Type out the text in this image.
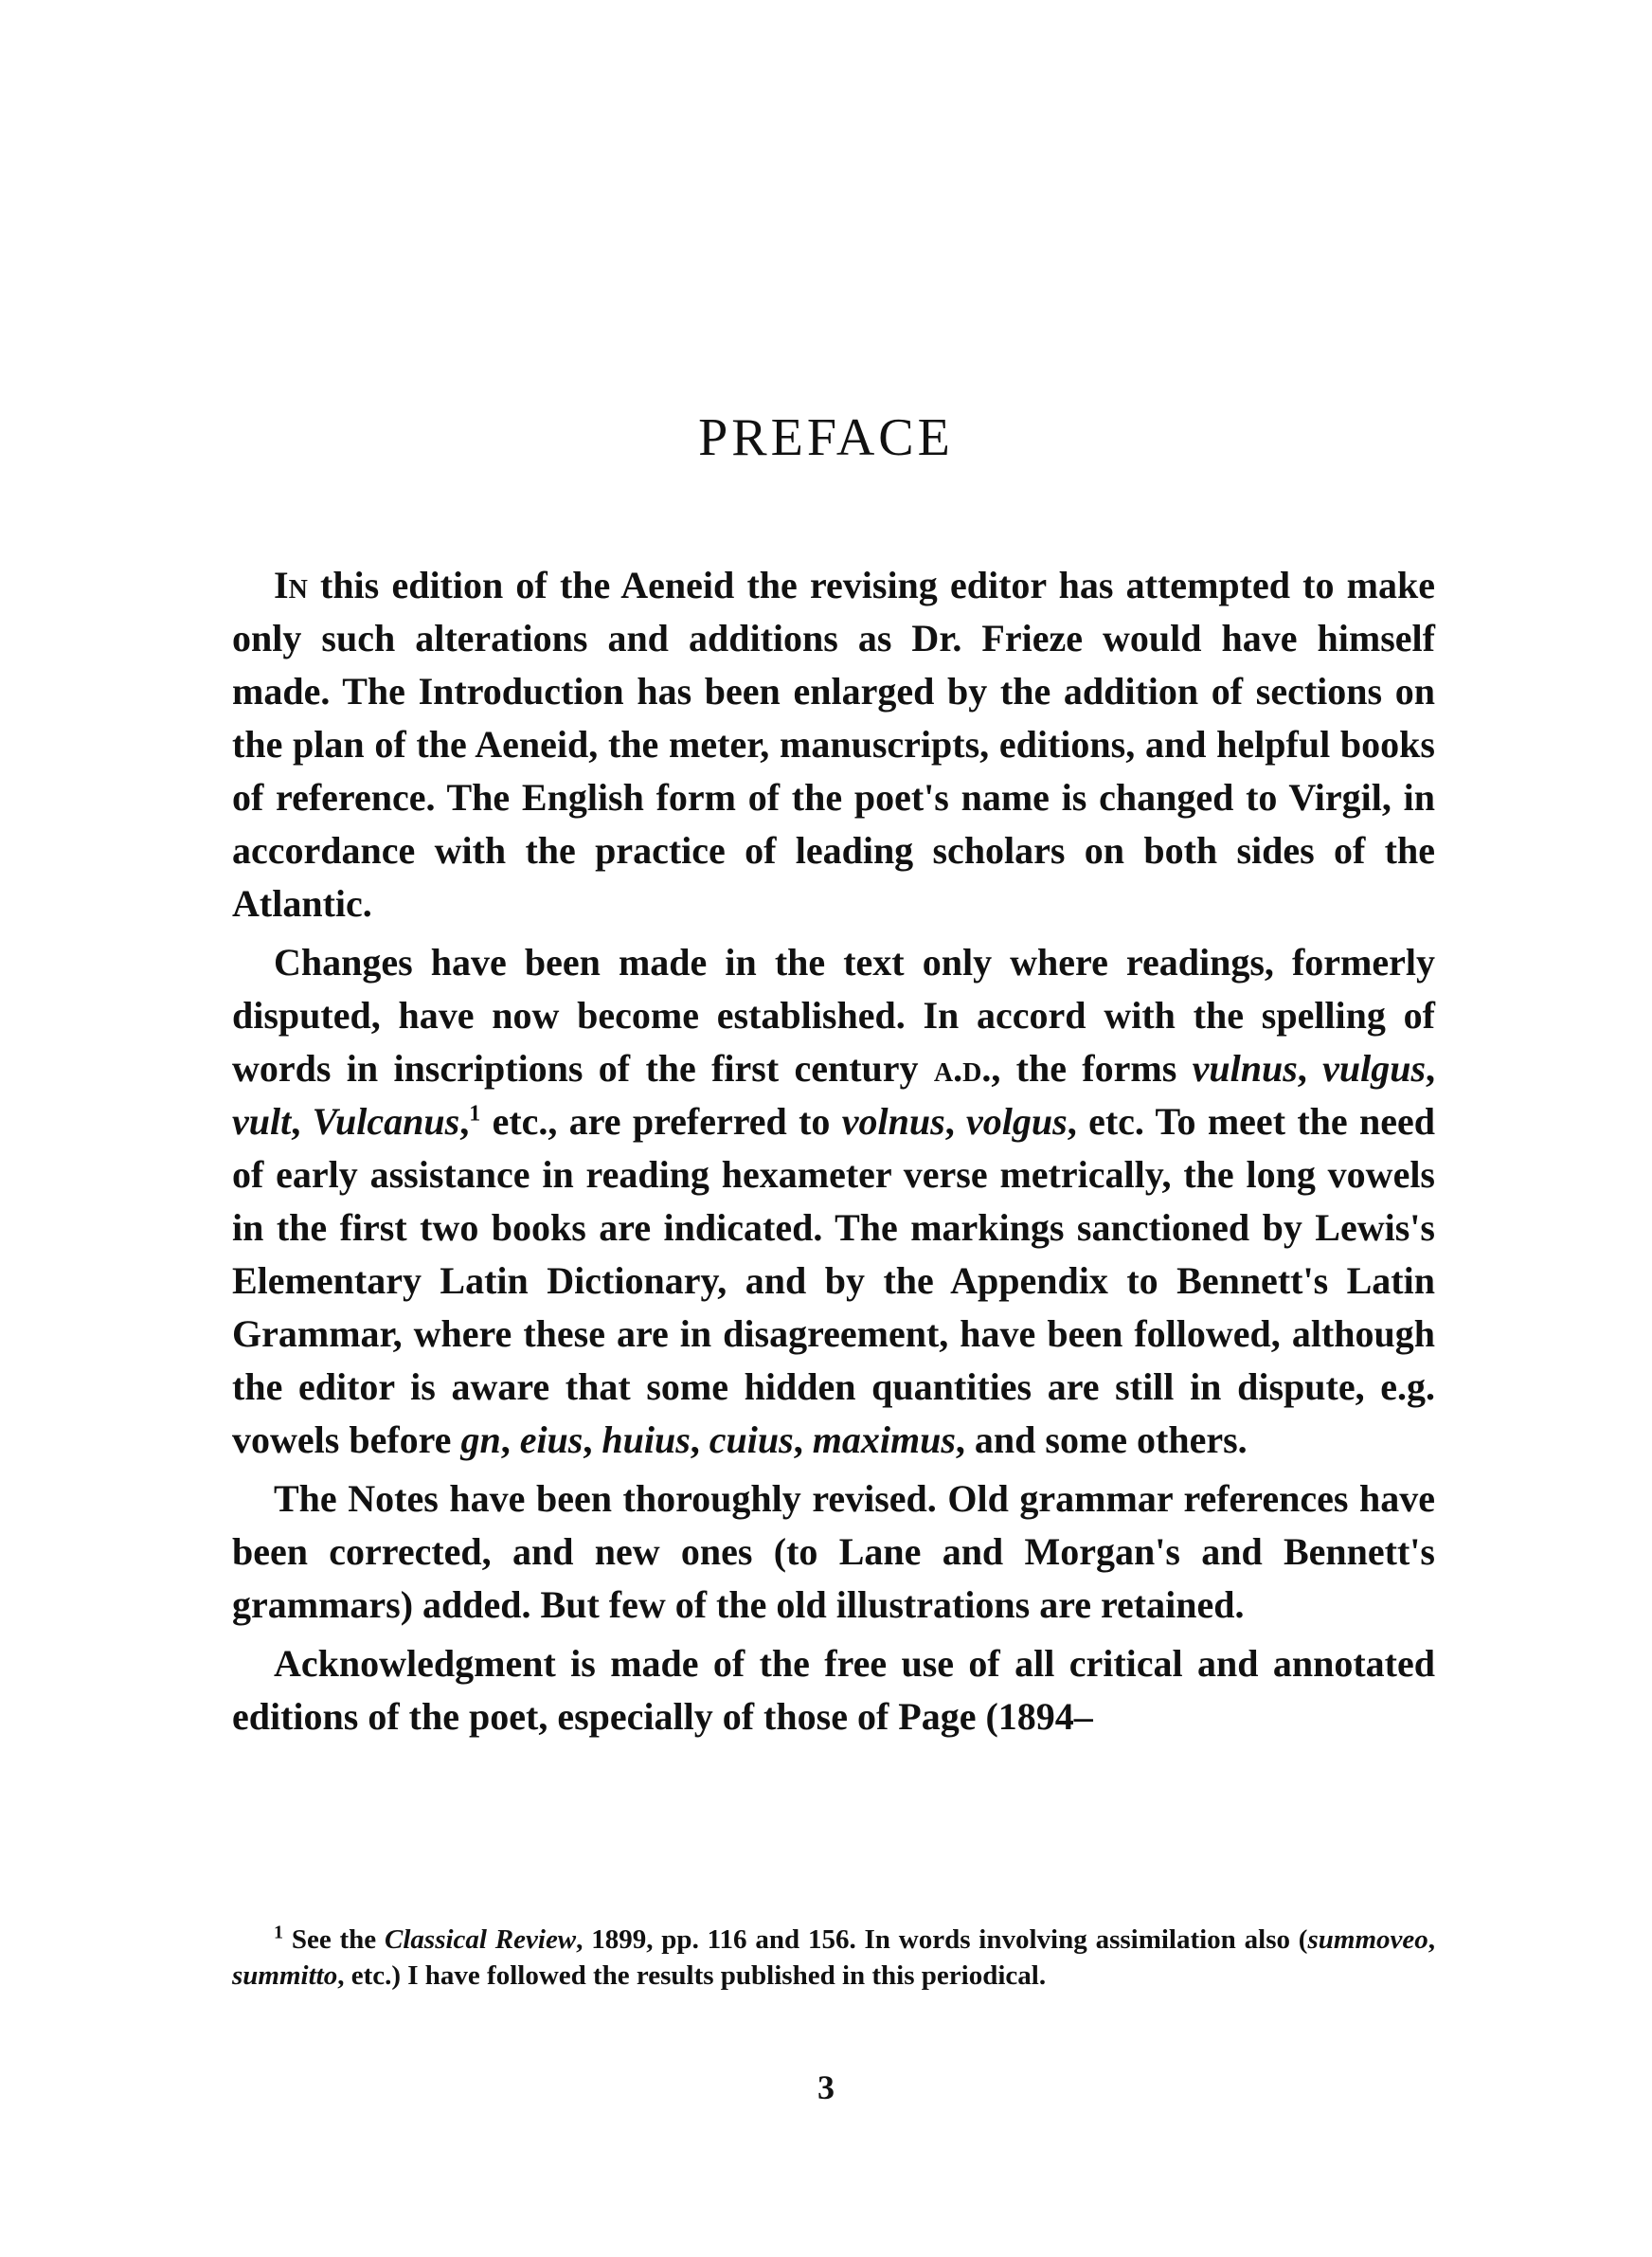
PREFACE

In this edition of the Aeneid the revising editor has attempted to make only such alterations and additions as Dr. Frieze would have himself made. The Introduction has been enlarged by the addition of sections on the plan of the Aeneid, the meter, manuscripts, editions, and helpful books of reference. The English form of the poet's name is changed to Virgil, in accordance with the practice of leading scholars on both sides of the Atlantic.

Changes have been made in the text only where readings, formerly disputed, have now become established. In accord with the spelling of words in inscriptions of the first century a.d., the forms vulnus, vulgus, vult, Vulcanus,$^1$ etc., are preferred to volnus, volgus, etc. To meet the need of early assistance in reading hexameter verse metrically, the long vowels in the first two books are indicated. The markings sanctioned by Lewis's Elementary Latin Dictionary, and by the Appendix to Bennett's Latin Grammar, where these are in disagreement, have been followed, although the editor is aware that some hidden quantities are still in dispute, e.g. vowels before gn, eius, huius, cuius, maximus, and some others.

The Notes have been thoroughly revised. Old grammar references have been corrected, and new ones (to Lane and Morgan's and Bennett's grammars) added. But few of the old illustrations are retained.

Acknowledgment is made of the free use of all critical and annotated editions of the poet, especially of those of Page (1894–

$^1$ See the Classical Review, 1899, pp. 116 and 156. In words involving assimilation also (summoveo, summitto, etc.) I have followed the results published in this periodical.

3
